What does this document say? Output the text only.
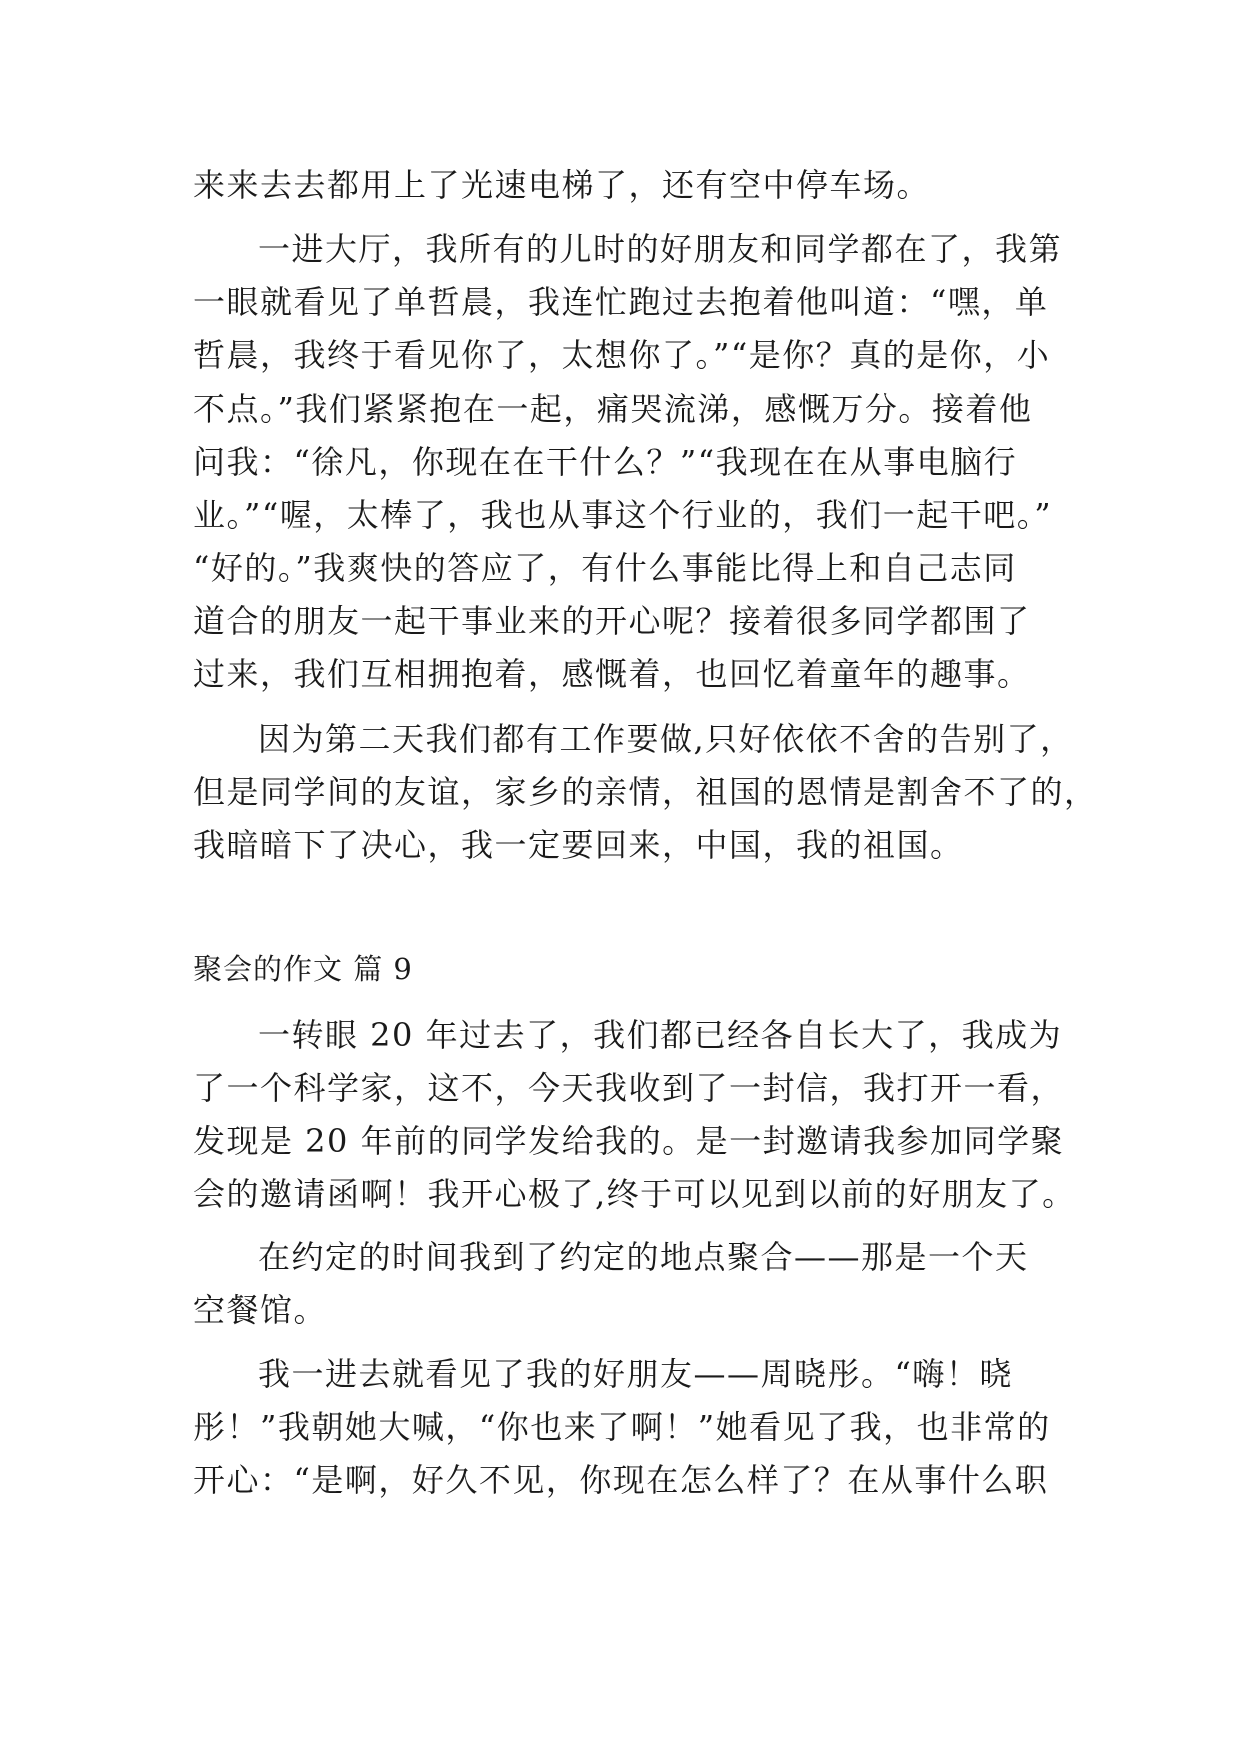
来来去去都用上了光速电梯了，还有空中停车场。
一进大厅，我所有的儿时的好朋友和同学都在了，我第
一眼就看见了单哲晨，我连忙跑过去抱着他叫道：“嘿，单
哲晨，我终于看见你了，太想你了。”“是你？真的是你，小
不点。”我们紧紧抱在一起，痛哭流涕，感慨万分。接着他
问我：“徐凡，你现在在干什么？”“我现在在从事电脑行
业。”“喔，太棒了，我也从事这个行业的，我们一起干吧。”
“好的。”我爽快的答应了，有什么事能比得上和自己志同
道合的朋友一起干事业来的开心呢？接着很多同学都围了
过来，我们互相拥抱着，感慨着，也回忆着童年的趣事。
因为第二天我们都有工作要做,只好依依不舍的告别了，
但是同学间的友谊，家乡的亲情，祖国的恩情是割舍不了的，
我暗暗下了决心，我一定要回来，中国，我的祖国。
聚会的作文 篇 9
一转眼 20 年过去了，我们都已经各自长大了，我成为
了一个科学家，这不，今天我收到了一封信，我打开一看，
发现是 20 年前的同学发给我的。是一封邀请我参加同学聚
会的邀请函啊！我开心极了,终于可以见到以前的好朋友了。
在约定的时间我到了约定的地点聚合——那是一个天
空餐馆。
我一进去就看见了我的好朋友——周晓彤。“嗨！晓
彤！”我朝她大喊，“你也来了啊！”她看见了我，也非常的
开心：“是啊，好久不见，你现在怎么样了？在从事什么职
